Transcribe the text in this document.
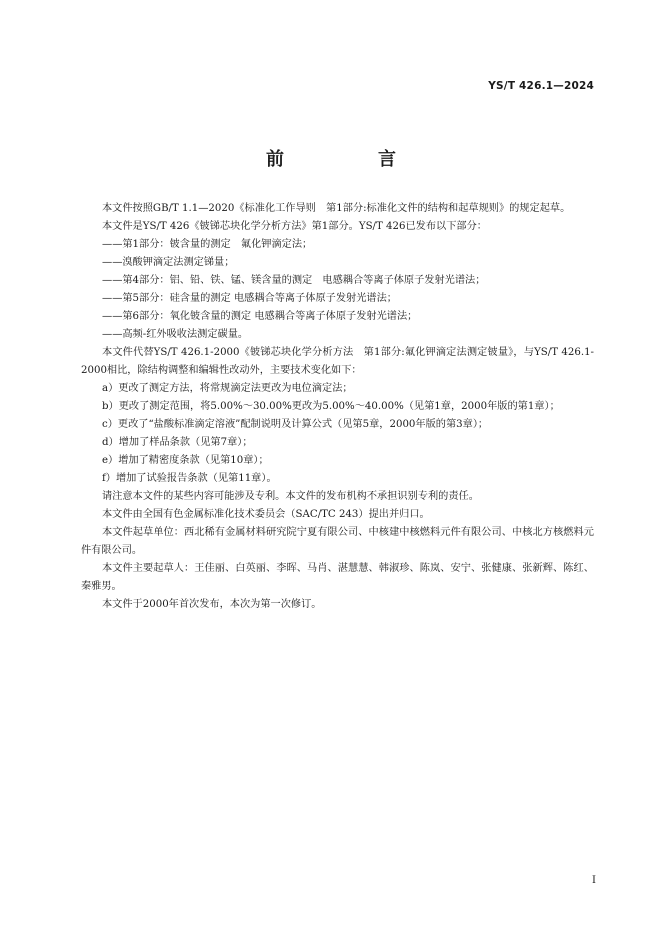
YS/T 426.1—2024
前　言

本文件按照GB/T 1.1—2020《标准化工作导则　第1部分:标准化文件的结构和起草规则》的规定起草。

本文件是YS/T 426《铍锑芯块化学分析方法》第1部分。YS/T 426已发布以下部分：

——第1部分：铍含量的测定　氟化钾滴定法；

——溴酸钾滴定法测定锑量；

——第4部分：铝、铅、铁、锰、镁含量的测定　电感耦合等离子体原子发射光谱法；

——第5部分：硅含量的测定 电感耦合等离子体原子发射光谱法；

——第6部分：氧化铍含量的测定 电感耦合等离子体原子发射光谱法；

——高频-红外吸收法测定碳量。

本文件代替YS/T 426.1-2000《铍锑芯块化学分析方法　第1部分:氟化钾滴定法测定铍量》，与YS/T 426.1-2000相比，除结构调整和编辑性改动外，主要技术变化如下：

a）更改了测定方法，将常规滴定法更改为电位滴定法；

b）更改了测定范围，将5.00%～30.00%更改为5.00%～40.00%（见第1章，2000年版的第1章）；

c）更改了“盐酸标准滴定溶液”配制说明及计算公式（见第5章，2000年版的第3章）；

d）增加了样品条款（见第7章）；

e）增加了精密度条款（见第10章）；

f）增加了试验报告条款（见第11章）。

请注意本文件的某些内容可能涉及专利。本文件的发布机构不承担识别专利的责任。

本文件由全国有色金属标准化技术委员会（SAC/TC 243）提出并归口。

本文件起草单位：西北稀有金属材料研究院宁夏有限公司、中核建中核燃料元件有限公司、中核北方核燃料元件有限公司。

本文件主要起草人：王佳丽、白英丽、李晖、马肖、湛慧慧、韩淑珍、陈岚、安宁、张健康、张新辉、陈红、秦雅男。

本文件于2000年首次发布，本次为第一次修订。

I
